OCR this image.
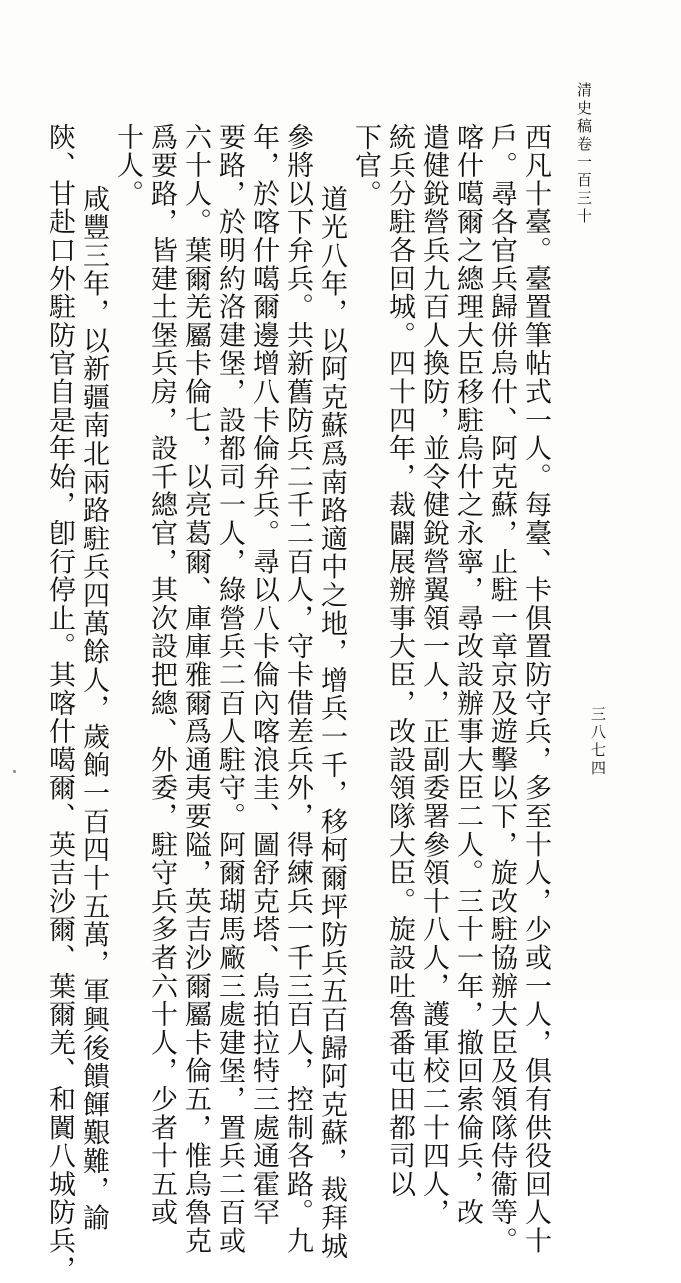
清史稿卷一百三十
三八七四
西凡十臺。臺置筆帖式一人。每臺、卡俱置防守兵，多至十人，少或一人，俱有供役回人十
戶。尋各官兵歸併烏什、阿克蘇，止駐一章京及遊擊以下，旋改駐協辦大臣及領隊侍衞等。
喀什噶爾之總理大臣移駐烏什之永寧，尋改設辦事大臣二人。三十一年，撤回索倫兵，改
遣健銳營兵九百人換防，並令健銳營翼領一人，正副委署參領十八人，護軍校二十四人，
統兵分駐各回城。四十四年，裁闢展辦事大臣，改設領隊大臣。旋設吐魯番屯田都司以
下官。
道光八年，以阿克蘇爲南路適中之地，增兵一千，移柯爾坪防兵五百歸阿克蘇，裁拜城
參將以下弁兵。共新舊防兵二千二百人，守卡借差兵外，得練兵一千三百人，控制各路。九
年，於喀什噶爾邊增八卡倫弁兵。尋以八卡倫內喀浪圭、圖舒克塔、烏拍拉特三處通霍罕
要路，於明約洛建堡，設都司一人，綠營兵二百人駐守。阿爾瑚馬廠三處建堡，置兵二百或
六十人。葉爾羌屬卡倫七，以亮葛爾、庫庫雅爾爲通夷要隘，英吉沙爾屬卡倫五，惟烏魯克
爲要路，皆建土堡兵房，設千總官，其次設把總、外委，駐守兵多者六十人，少者十五或
十人。
咸豐三年，以新疆南北兩路駐兵四萬餘人，歲餉一百四十五萬，軍興後饋餫艱難，諭
陝、甘赴口外駐防官自是年始，卽行停止。其喀什噶爾、英吉沙爾、葉爾羌、和闐八城防兵，
